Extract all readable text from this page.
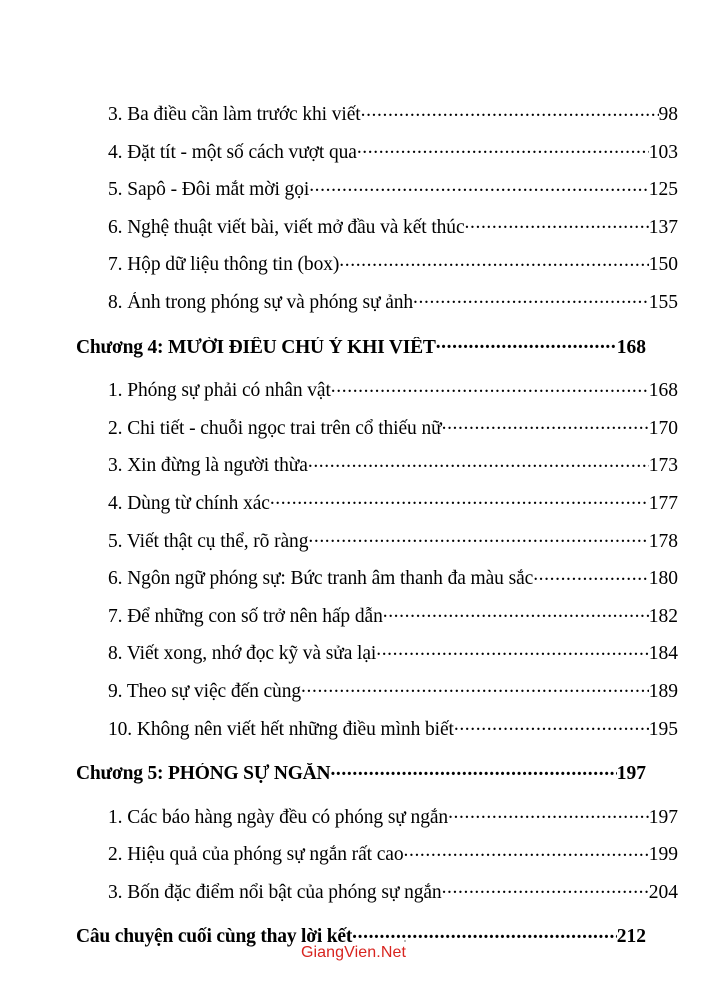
3. Ba điều cần làm trước khi viết .....	98
4. Đặt tít - một số cách vượt qua .....	103
5. Sapô - Đôi mắt mời gọi .....	125
6. Nghệ thuật viết bài, viết mở đầu và kết thúc .....	137
7. Hộp dữ liệu thông tin (box) .....	150
8. Ảnh trong phóng sự và phóng sự ảnh .....	155
Chương 4: MƯỜI ĐIỀU CHÚ Ý KHI VIẾT .....	168
1. Phóng sự phải có nhân vật .....	168
2. Chi tiết - chuỗi ngọc trai trên cổ thiếu nữ .....	170
3. Xin đừng là người thừa .....	173
4. Dùng từ chính xác .....	177
5. Viết thật cụ thể, rõ ràng .....	178
6. Ngôn ngữ phóng sự: Bức tranh âm thanh đa màu sắc .....	180
7. Để những con số trở nên hấp dẫn .....	182
8. Viết xong, nhớ đọc kỹ và sửa lại .....	184
9. Theo sự việc đến cùng .....	189
10. Không nên viết hết những điều mình biết .....	195
Chương 5: PHÓNG SỰ NGẮN .....	197
1. Các báo hàng ngày đều có phóng sự ngắn .....	197
2. Hiệu quả của phóng sự ngắn rất cao .....	199
3. Bốn đặc điểm nổi bật của phóng sự ngắn .....	204
Câu chuyện cuối cùng thay lời kết .....	212
GiangVien.Net
